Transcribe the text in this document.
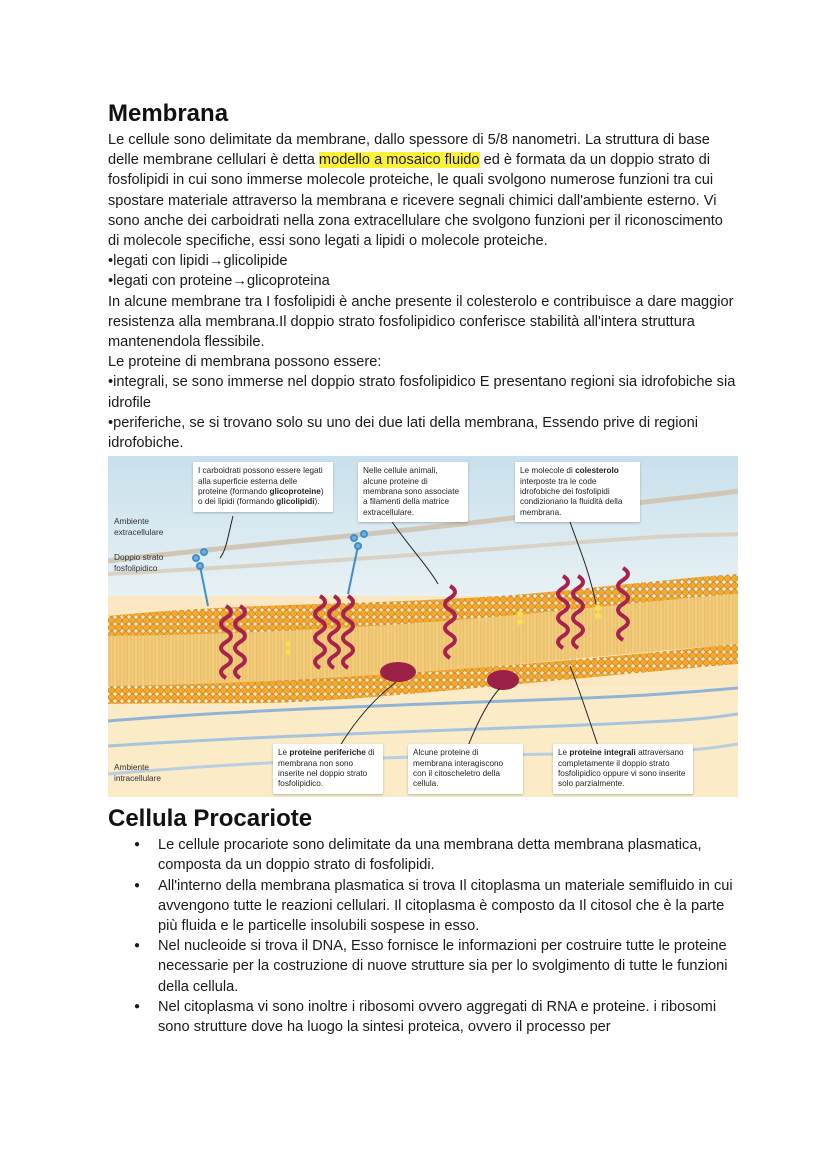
Membrana

Le cellule sono delimitate da membrane, dallo spessore di 5/8 nanometri. La struttura di base delle membrane cellulari è detta modello a mosaico fluido ed è formata da un doppio strato di fosfolipidi in cui sono immerse molecole proteiche, le quali svolgono numerose funzioni tra cui spostare materiale attraverso la membrana e ricevere segnali chimici dall'ambiente esterno. Vi sono anche dei carboidrati nella zona extracellulare che svolgono funzioni per il riconoscimento di molecole specifiche, essi sono legati a lipidi o molecole proteiche.

•legati con lipidi→glicolipide

•legati con proteine→glicoproteina

In alcune membrane tra I fosfolipidi è anche presente il colesterolo e contribuisce a dare maggior resistenza alla membrana.Il doppio strato fosfolipidico conferisce stabilità all'intera struttura mantenendola flessibile.

Le proteine di membrana possono essere:

•integrali, se sono immerse nel doppio strato fosfolipidico E presentano regioni sia idrofobiche sia idrofile

•periferiche, se si trovano solo su uno dei due lati della membrana, Essendo prive di regioni idrofobiche.

Ambiente extracellulare
Doppio strato fosfolipidico
Ambiente intracellulare
I carboidrati possono essere legati alla superficie esterna delle proteine (formando glicoproteine) o dei lipidi (formando glicolipidi).
Nelle cellule animali, alcune proteine di membrana sono associate a filamenti della matrice extracellulare.
Le molecole di colesterolo interposte tra le code idrofobiche dei fosfolipidi condizionano la fluidità della membrana.
Le proteine periferiche di membrana non sono inserite nel doppio strato fosfolipidico.
Alcune proteine di membrana interagiscono con il citoscheletro della cellula.
Le proteine integrali attraversano completamente il doppio strato fosfolipidico oppure vi sono inserite solo parzialmente.
Cellula Procariote
● Le cellule procariote sono delimitate da una membrana detta membrana plasmatica, composta da un doppio strato di fosfolipidi.
● All'interno della membrana plasmatica si trova Il citoplasma un materiale semifluido in cui avvengono tutte le reazioni cellulari. Il citoplasma è composto da Il citosol che è la parte più fluida e le particelle insolubili sospese in esso.
● Nel nucleoide si trova il DNA, Esso fornisce le informazioni per costruire tutte le proteine necessarie per la costruzione di nuove strutture sia per lo svolgimento di tutte le funzioni della cellula.
● Nel citoplasma vi sono inoltre i ribosomi ovvero aggregati di RNA e proteine. i ribosomi sono strutture dove ha luogo la sintesi proteica, ovvero il processo per
